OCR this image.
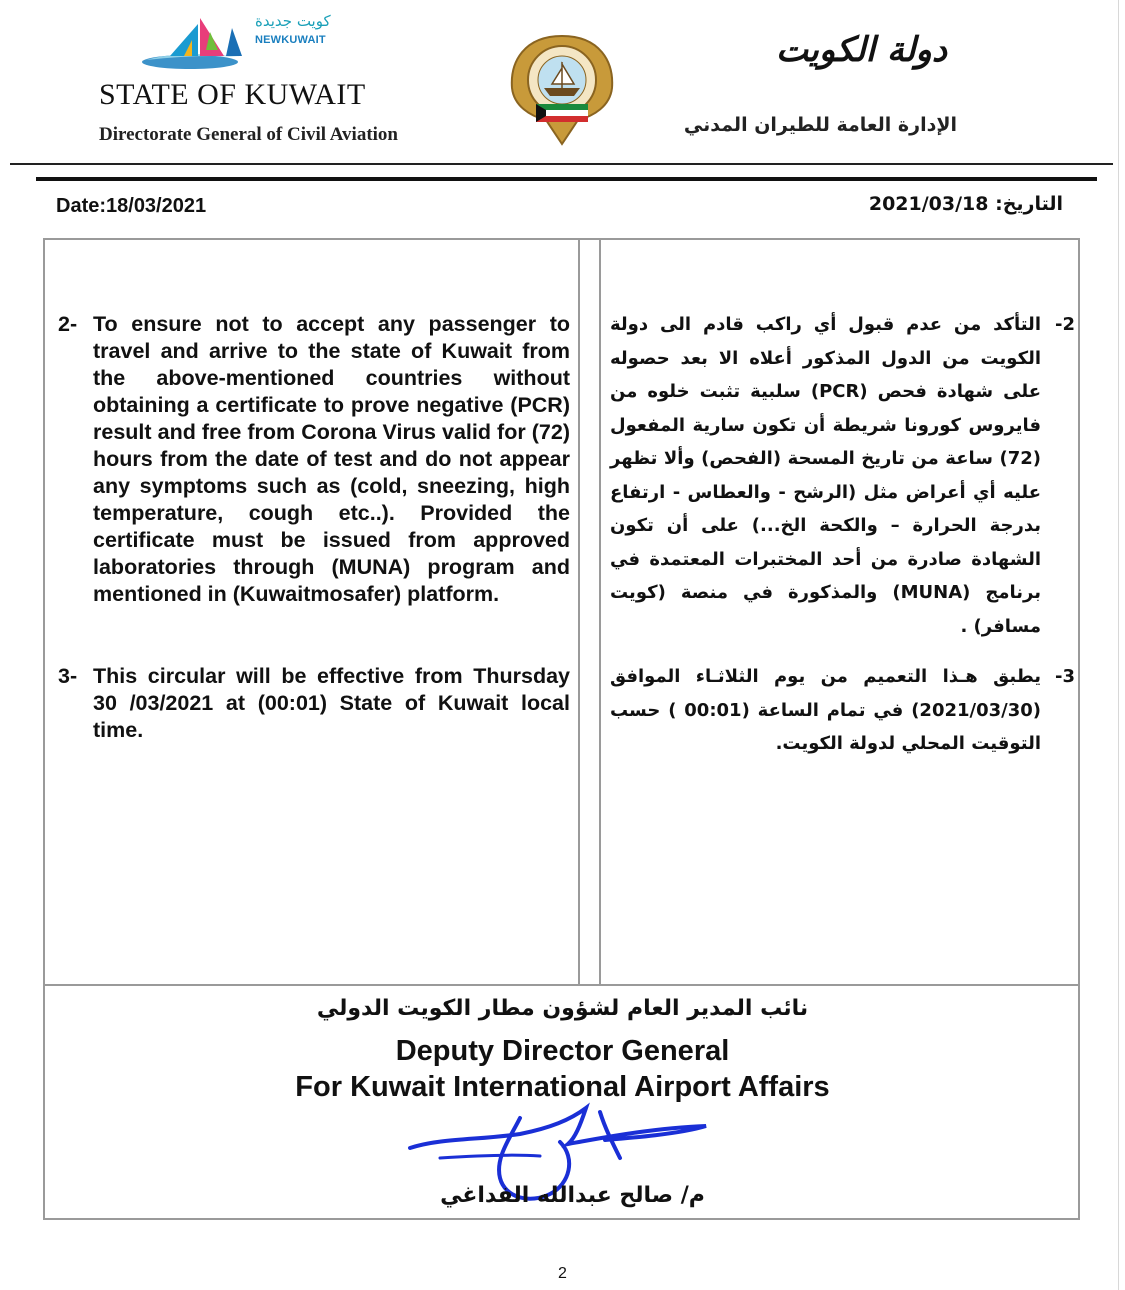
كويت جديدة
NEWKUWAIT
STATE OF KUWAIT
Directorate General of Civil Aviation
دولة الكويت
الإدارة العامة للطيران المدني
Date:18/03/2021	التاريخ: 2021/03/18
2- To ensure not to accept any passenger to travel and arrive to the state of Kuwait from the above-mentioned countries without obtaining a certificate to prove negative (PCR) result and free from Corona Virus valid for (72) hours from the date of test and do not appear any symptoms such as (cold, sneezing, high temperature, cough etc..). Provided the certificate must be issued from approved laboratories through (MUNA) program and mentioned in (Kuwaitmosafer) platform.
3- This circular will be effective from Thursday 30 /03/2021 at (00:01) State of Kuwait local time.
-2
التأكد من عدم قبول أي راكب قادم الى دولة الكويت من الدول المذكور أعلاه الا بعد حصوله على شهادة فحص (PCR) سلبية تثبت خلوه من فايروس كورونا شريطة أن تكون سارية المفعول (72) ساعة من تاريخ المسحة (الفحص) وألا تظهر عليه أي أعراض مثل (الرشح - والعطاس - ارتفاع بدرجة الحرارة – والكحة الخ...) على أن تكون الشهادة صادرة من أحد المختبرات المعتمدة في برنامج (MUNA) والمذكورة في منصة (كويت مسافر) .
-3
يطبق هـذا التعميم من يوم الثلاثـاء الموافق (2021/03/30) في تمام الساعة (00:01 ) حسب التوقيت المحلي لدولة الكويت.
نائب المدير العام لشؤون مطار الكويت الدولي
Deputy Director General
For Kuwait International Airport Affairs
م/ صالح عبدالله الفداغي
2
